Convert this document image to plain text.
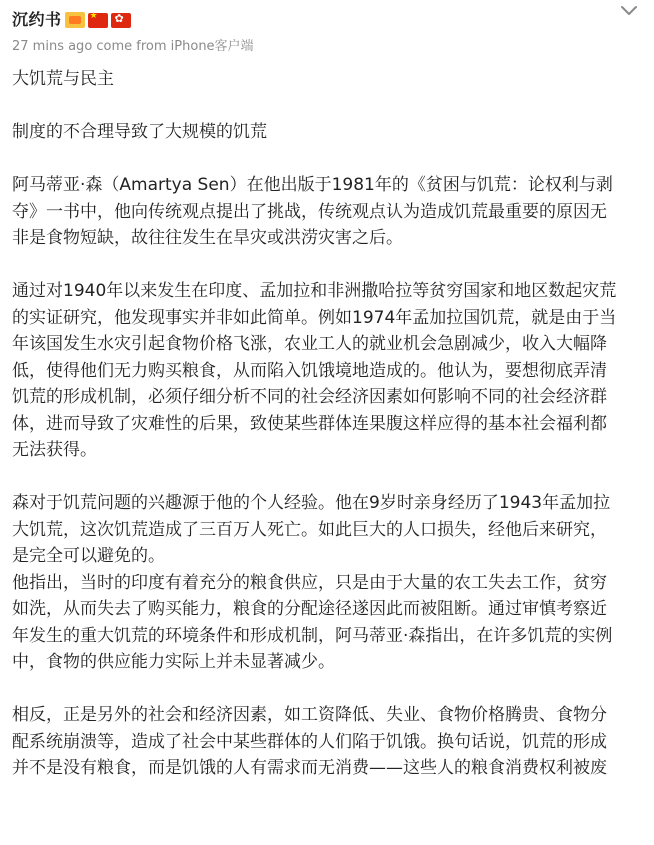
沉约书
★
✿
27 mins ago come from iPhone客户端

大饥荒与民主

制度的不合理导致了大规模的饥荒

阿马蒂亚·森（Amartya Sen）在他出版于1981年的《贫困与饥荒：论权利与剥
夺》一书中，他向传统观点提出了挑战，传统观点认为造成饥荒最重要的原因无
非是食物短缺，故往往发生在旱灾或洪涝灾害之后。

通过对1940年以来发生在印度、孟加拉和非洲撒哈拉等贫穷国家和地区数起灾荒
的实证研究，他发现事实并非如此简单。例如1974年孟加拉国饥荒，就是由于当
年该国发生水灾引起食物价格飞涨，农业工人的就业机会急剧减少，收入大幅降
低，使得他们无力购买粮食，从而陷入饥饿境地造成的。他认为，要想彻底弄清
饥荒的形成机制，必须仔细分析不同的社会经济因素如何影响不同的社会经济群
体，进而导致了灾难性的后果，致使某些群体连果腹这样应得的基本社会福利都
无法获得。

森对于饥荒问题的兴趣源于他的个人经验。他在9岁时亲身经历了1943年孟加拉
大饥荒，这次饥荒造成了三百万人死亡。如此巨大的人口损失，经他后来研究，
是完全可以避免的。
他指出，当时的印度有着充分的粮食供应，只是由于大量的农工失去工作，贫穷
如洗，从而失去了购买能力，粮食的分配途径遂因此而被阻断。通过审慎考察近
年发生的重大饥荒的环境条件和形成机制，阿马蒂亚·森指出，在许多饥荒的实例
中，食物的供应能力实际上并未显著减少。

相反，正是另外的社会和经济因素，如工资降低、失业、食物价格腾贵、食物分
配系统崩溃等，造成了社会中某些群体的人们陷于饥饿。换句话说，饥荒的形成
并不是没有粮食，而是饥饿的人有需求而无消费——这些人的粮食消费权利被废
